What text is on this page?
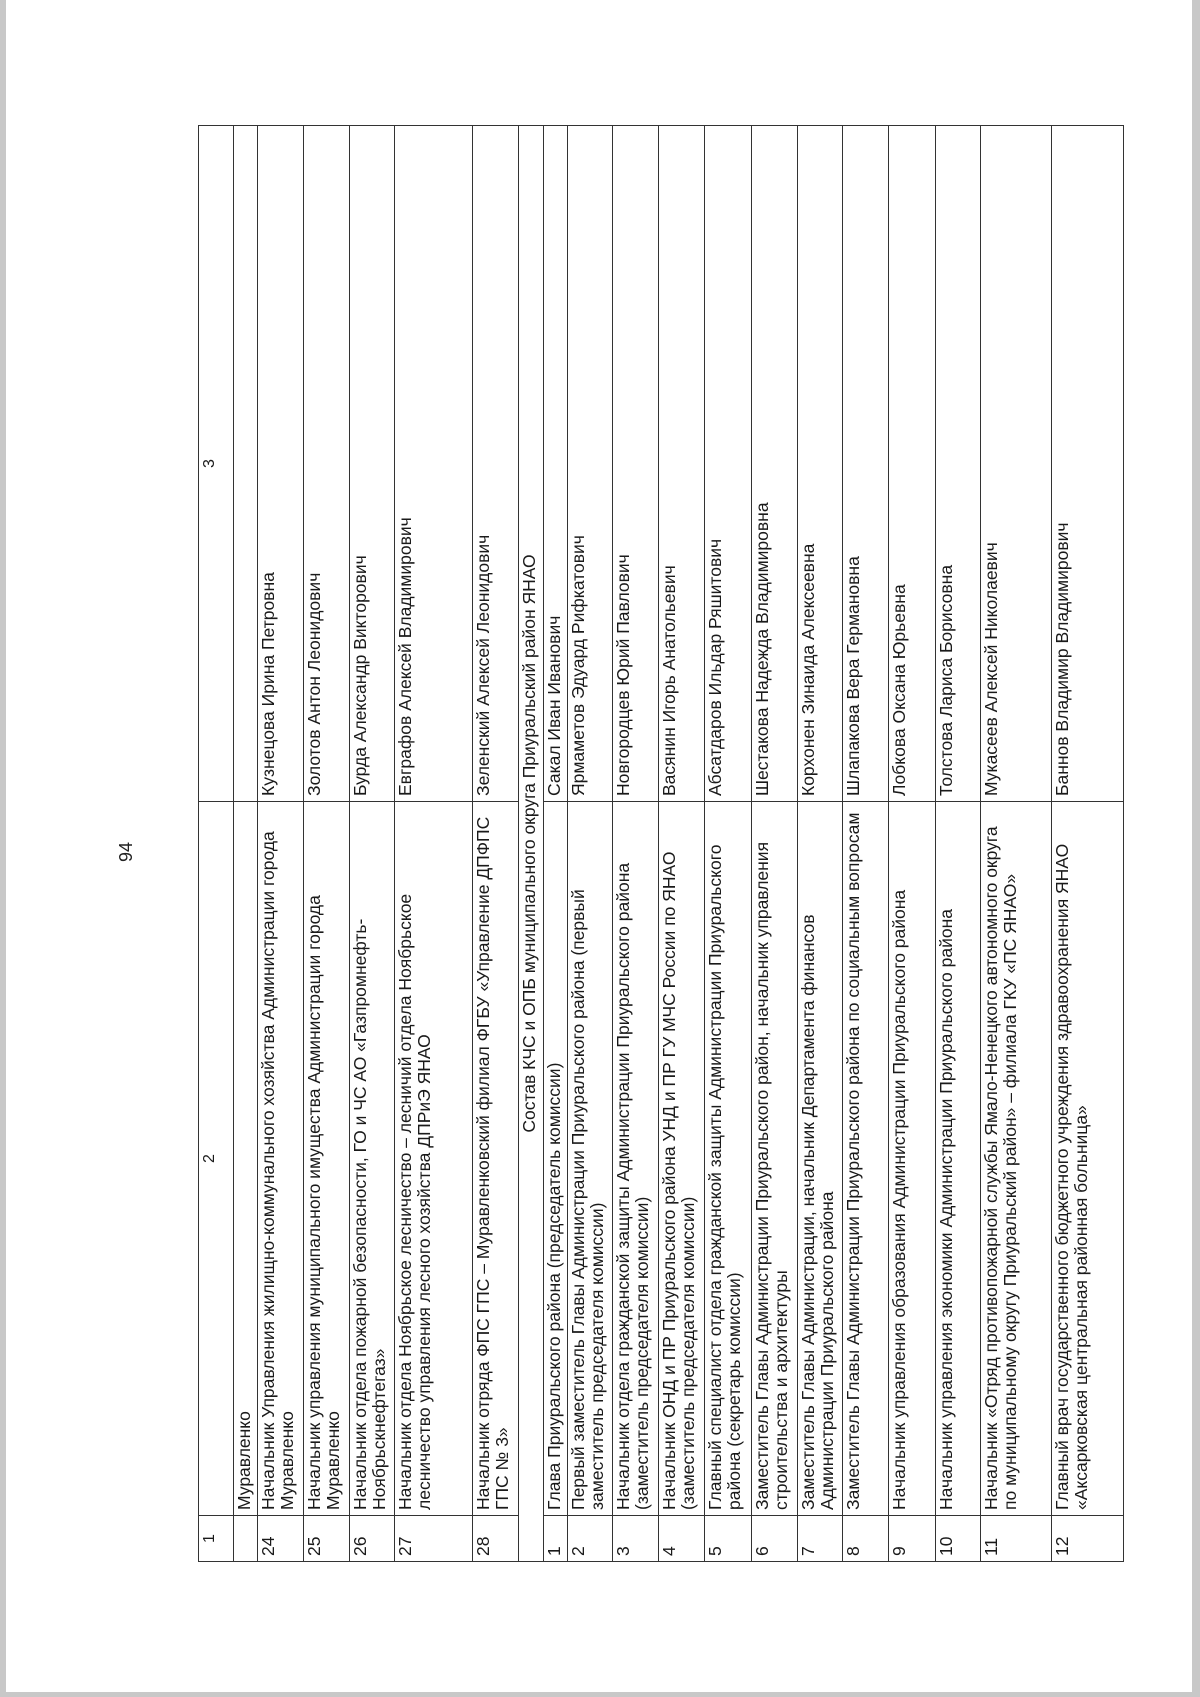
94
1	2	3
	Муравленко	
24	Начальник Управления жилищно-коммунального хозяйства Администрации города Муравленко	Кузнецова Ирина Петровна
25	Начальник управления муниципального имущества Администрации города Муравленко	Золотов Антон Леонидович
26	Начальник отдела пожарной безопасности, ГО и ЧС АО «Газпромнефть-Ноябрьскнефтегаз»	Бурда Александр Викторович
27	Начальник отдела Ноябрьское лесничество – лесничий отдела Ноябрьское лесничество управления лесного хозяйства ДПРиЭ ЯНАО	Евграфов Алексей Владимирович
28	Начальник отряда ФПС ГПС – Муравленковский филиал ФГБУ «Управление ДПФПС ГПС № 3»	Зеленский Алексей Леонидович
Состав КЧС и ОПБ муниципального округа Приуральский район ЯНАО		
1	Глава Приуральского района (председатель комиссии)	Сакал Иван Иванович
2	Первый заместитель Главы Администрации Приуральского района (первый заместитель председателя комиссии)	Ярмаметов Эдуард Рифкатович
3	Начальник отдела гражданской защиты Администрации Приуральского района (заместитель председателя комиссии)	Новгородцев Юрий Павлович
4	Начальник ОНД и ПР Приуральского района УНД и ПР ГУ МЧС России по ЯНАО (заместитель председателя комиссии)	Васянин Игорь Анатольевич
5	Главный специалист отдела гражданской защиты Администрации Приуральского района (секретарь комиссии)	Абсатдаров Ильдар Ряшитович
6	Заместитель Главы Администрации Приуральского район, начальник управления строительства и архитектуры	Шестакова Надежда Владимировна
7	Заместитель Главы Администрации, начальник Департамента финансов Администрации Приуральского района	Корхонен Зинаида Алексеевна
8	Заместитель Главы Администрации Приуральского района по социальным вопросам	Шлапакова Вера Германовна
9	Начальник управления образования Администрации Приуральского района	Лобкова Оксана Юрьевна
10	Начальник управления экономики Администрации Приуральского района	Толстова Лариса Борисовна
11	Начальник «Отряд противопожарной службы Ямало-Ненецкого автономного округа по муниципальному округу Приуральский район» – филиала ГКУ «ПС ЯНАО»	Мукасеев Алексей Николаевич
12	Главный врач государственного бюджетного учреждения здравоохранения ЯНАО «Аксарковская центральная районная больница»	Баннов Владимир Владимирович
